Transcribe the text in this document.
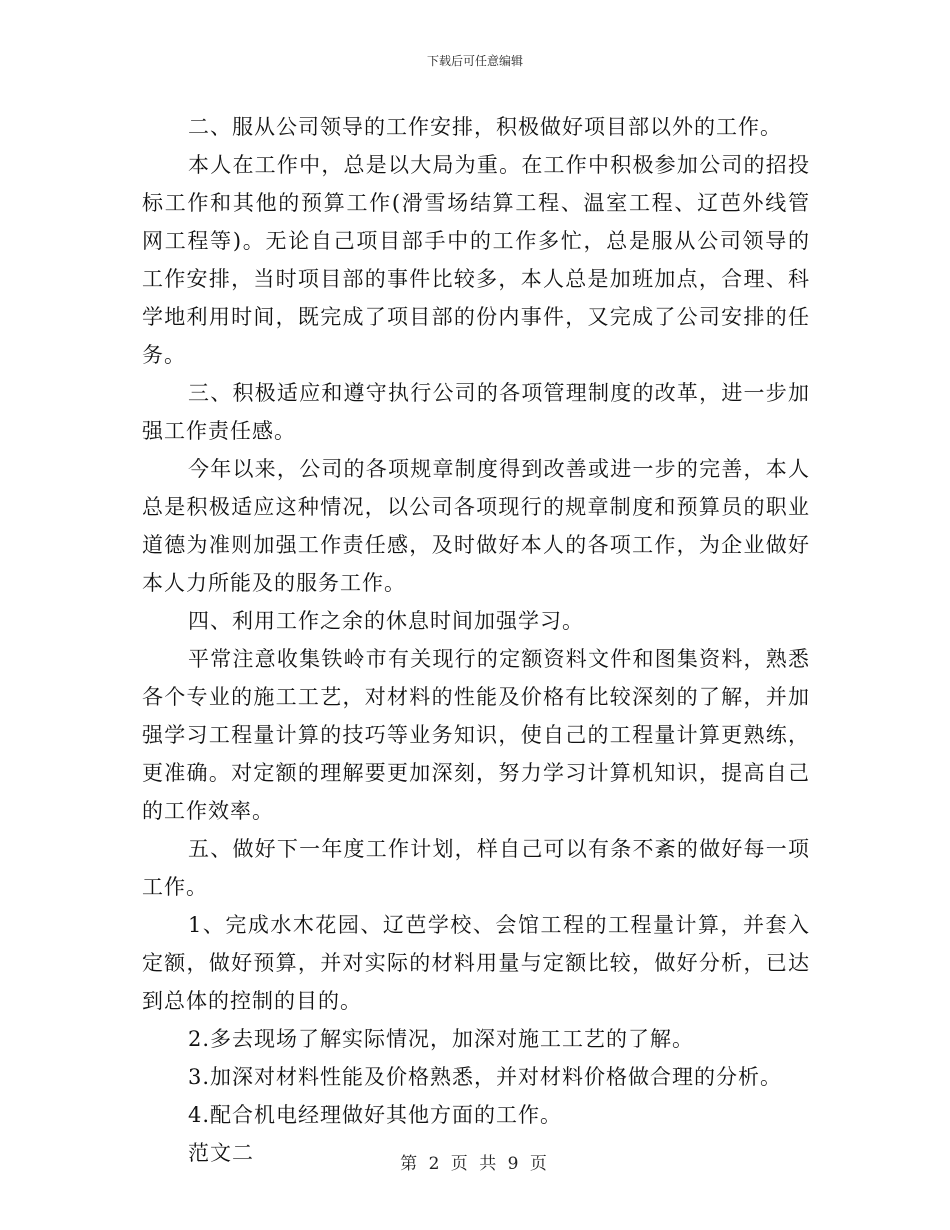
下载后可任意编辑

二、服从公司领导的工作安排，积极做好项目部以外的工作。

本人在工作中，总是以大局为重。在工作中积极参加公司的招投标工作和其他的预算工作(滑雪场结算工程、温室工程、辽芭外线管网工程等)。无论自己项目部手中的工作多忙，总是服从公司领导的工作安排，当时项目部的事件比较多，本人总是加班加点，合理、科学地利用时间，既完成了项目部的份内事件，又完成了公司安排的任务。

三、积极适应和遵守执行公司的各项管理制度的改革，进一步加强工作责任感。

今年以来，公司的各项规章制度得到改善或进一步的完善，本人总是积极适应这种情况，以公司各项现行的规章制度和预算员的职业道德为准则加强工作责任感，及时做好本人的各项工作，为企业做好本人力所能及的服务工作。

四、利用工作之余的休息时间加强学习。

平常注意收集铁岭市有关现行的定额资料文件和图集资料，熟悉各个专业的施工工艺，对材料的性能及价格有比较深刻的了解，并加强学习工程量计算的技巧等业务知识，使自己的工程量计算更熟练，更准确。对定额的理解要更加深刻，努力学习计算机知识，提高自己的工作效率。

五、做好下一年度工作计划，样自己可以有条不紊的做好每一项工作。

1、完成水木花园、辽芭学校、会馆工程的工程量计算，并套入定额，做好预算，并对实际的材料用量与定额比较，做好分析，已达到总体的控制的目的。

2.多去现场了解实际情况，加深对施工工艺的了解。

3.加深对材料性能及价格熟悉，并对材料价格做合理的分析。

4.配合机电经理做好其他方面的工作。

范文二	第 2 页 共 9 页
